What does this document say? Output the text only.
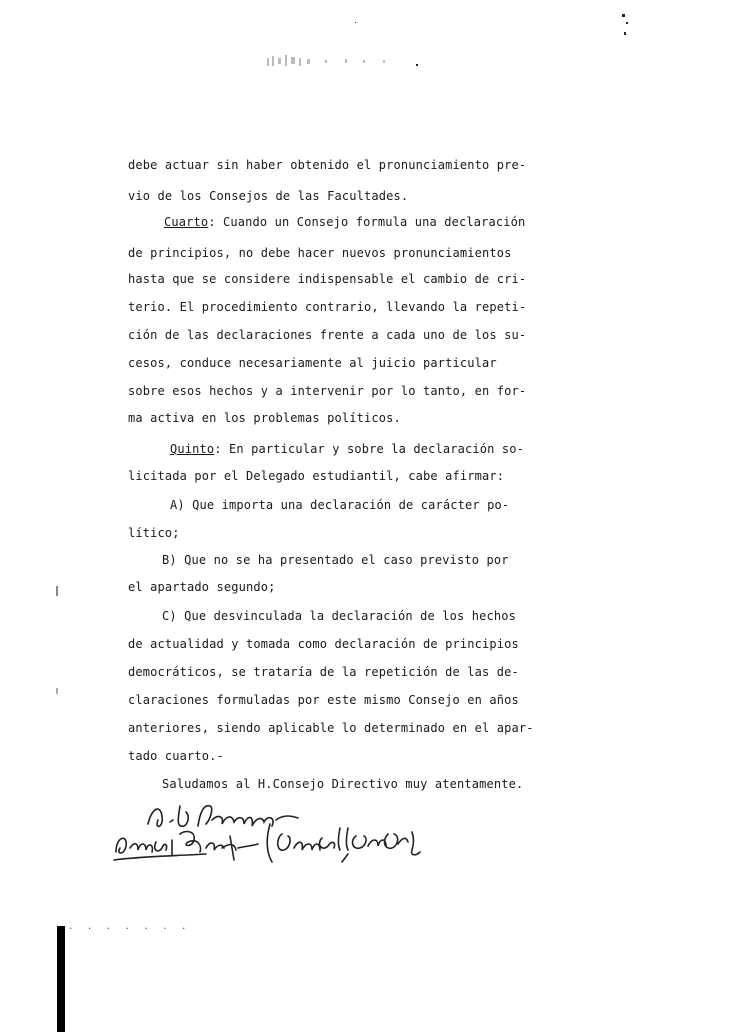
debe actuar sin haber obtenido el pronunciamiento pre-
vio de los Consejos de las Facultades.
Cuarto: Cuando un Consejo formula una declaración
de principios, no debe hacer nuevos pronunciamientos
hasta que se considere indispensable el cambio de cri-
terio. El procedimiento contrario, llevando la repeti-
ción de las declaraciones frente a cada uno de los su-
cesos, conduce necesariamente al juicio particular
sobre esos hechos y a intervenir por lo tanto, en for-
ma activa en los problemas políticos.
Quinto: En particular y sobre la declaración so-
licitada por el Delegado estudiantil, cabe afirmar:
A) Que importa una declaración de carácter po-
lítico;
B) Que no se ha presentado el caso previsto por
el apartado segundo;
C) Que desvinculada la declaración de los hechos
de actualidad y tomada como declaración de principios
democráticos, se trataría de la repetición de las de-
claraciones formuladas por este mismo Consejo en años
anteriores, siendo aplicable lo determinado en el apar-
tado cuarto.-
Saludamos al H.Consejo Directivo muy atentamente.
. . . . . . .
